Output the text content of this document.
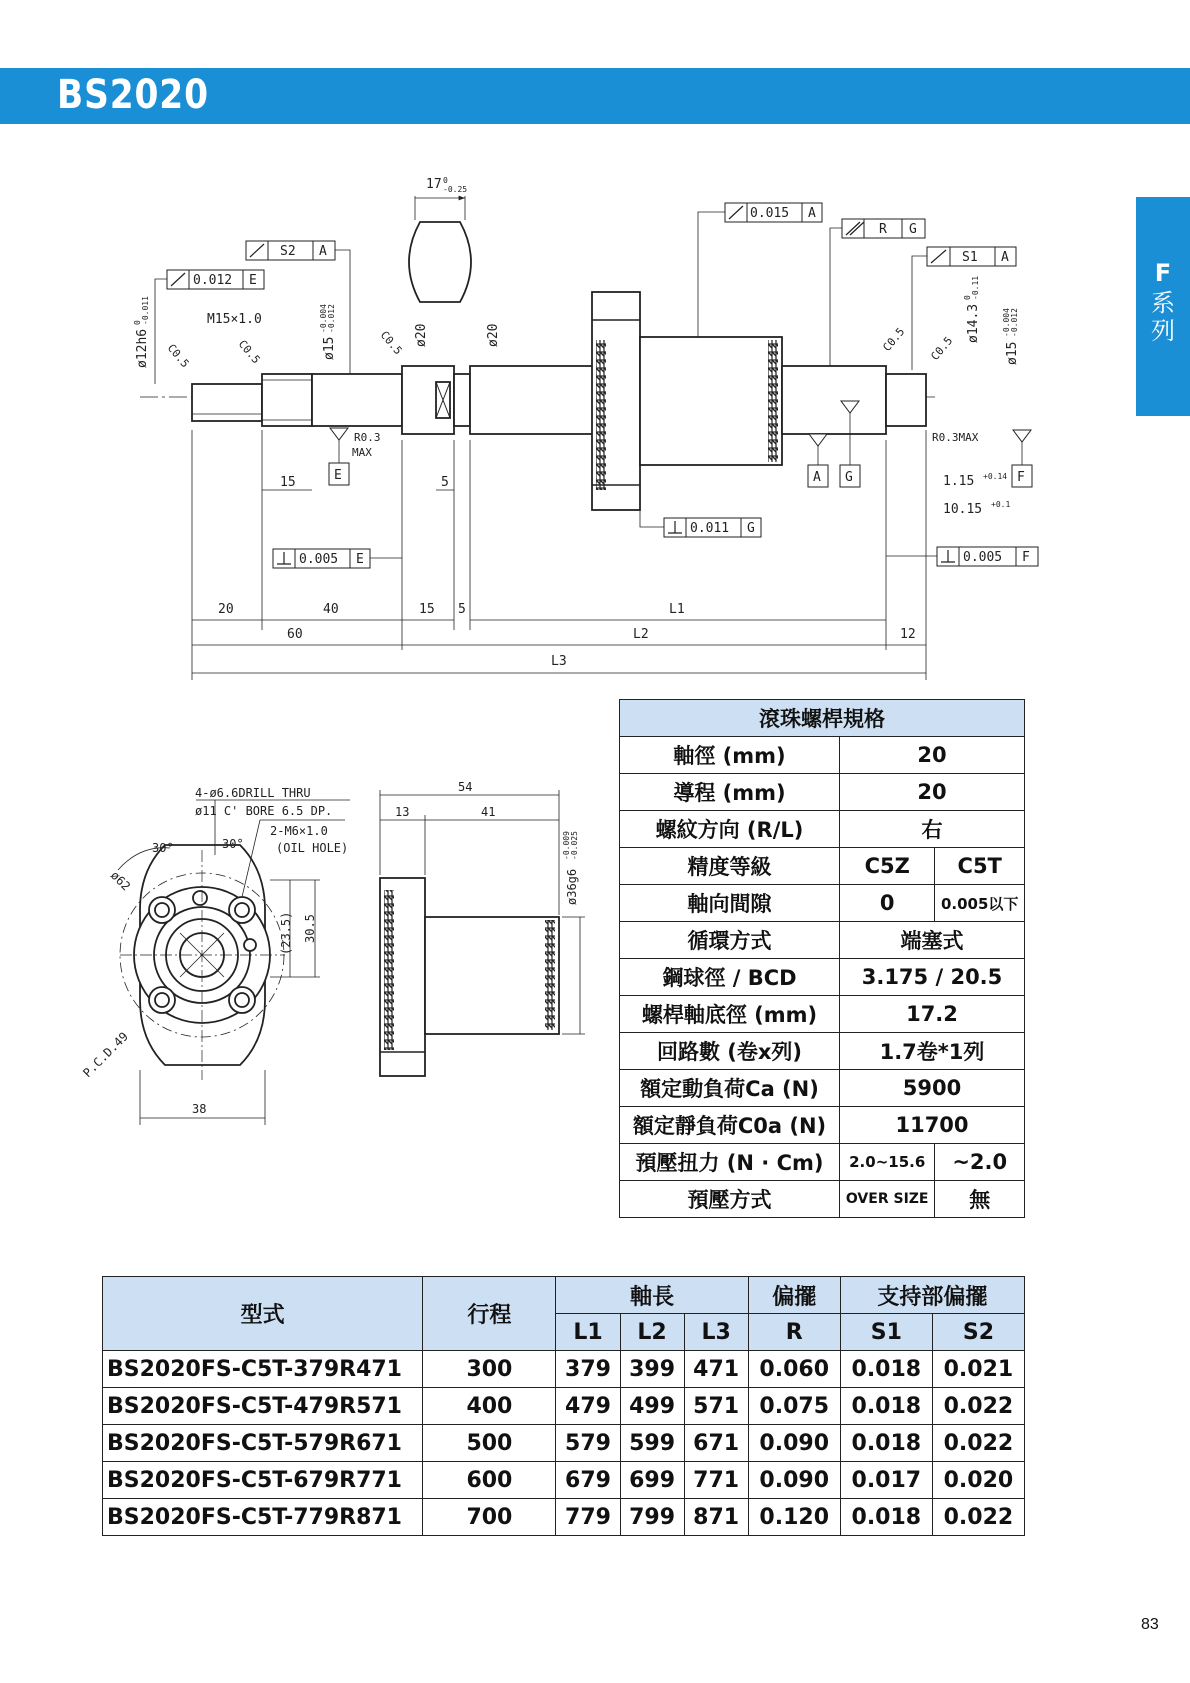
BS2020
F
系列
17 0
-0.25
ø12h6
0 -0.011	M15×1.0
ø15
-0.004 -0.012
ø20	ø20	ø14.3
0 -0.11
ø15
-0.004 -0.012
C0.5	C0.5	C0.5	C0.5 C0.5
R0.3
MAX
R0.3MAX
15	5	1.15 +0.14
10.15 +0.1
20	40	15 5	L1
60	L2	12
L3
0.015 A
R G
S1 A
S2 A
0.012 E
0.011 G
0.005 E	0.005 F
E	A G	F
4-ø6.6DRILL THRU
ø11 C' BORE 6.5 DP.
2-M6×1.0
(OIL HOLE)
30°	30°
ø62
P.C.D.49
38
(23.5) 30.5
54
13	41
ø36g6
-0.009 -0.025
滾珠螺桿規格		
軸徑 (mm)	20	
導程 (mm)	20	
螺紋方向 (R/L)	右	
精度等級	C5Z	C5T
軸向間隙	0	0.005以下
循環方式	端塞式	
鋼球徑 / BCD	3.175 / 20.5	
螺桿軸底徑 (mm)	17.2	
回路數 (卷x列)	1.7卷*1列	
額定動負荷Ca (N)	5900	
額定靜負荷C0a (N)	11700	
預壓扭力 (N · Cm)	2.0~15.6	~2.0
預壓方式	OVER SIZE	無
型式	行程	軸長			偏擺	支持部偏擺	
		L1	L2	L3	R	S1	S2
BS2020FS-C5T-379R471	300	379	399	471	0.060	0.018	0.021
BS2020FS-C5T-479R571	400	479	499	571	0.075	0.018	0.022
BS2020FS-C5T-579R671	500	579	599	671	0.090	0.018	0.022
BS2020FS-C5T-679R771	600	679	699	771	0.090	0.017	0.020
BS2020FS-C5T-779R871	700	779	799	871	0.120	0.018	0.022
83
